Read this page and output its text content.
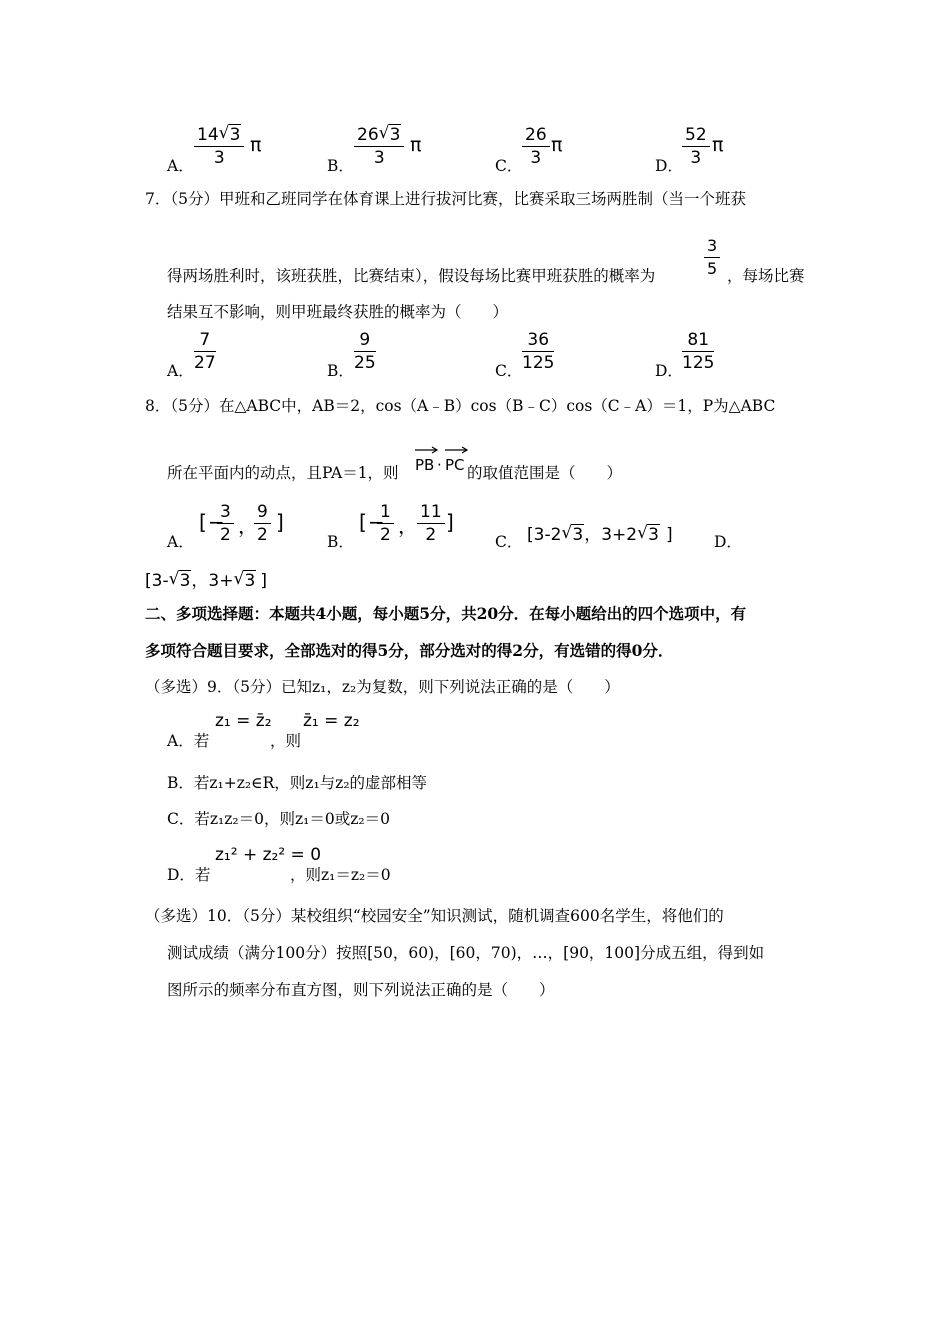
A．
14 √ 3
3
π
B．
26 √ 3
3
π
C．
26
3
π
D．
52
3
π
7．（5分）甲班和乙班同学在体育课上进行拔河比赛，比赛采取三场两胜制（当一个班获
得两场胜利时，该班获胜，比赛结束），假设每场比赛甲班获胜的概率为
3
5 ，每场比赛
结果互不影响，则甲班最终获胜的概率为（　　）
A．
7
27	B．
9
25	C．
36
125	D．
81
125
8．（5分）在△ABC中，AB＝2，cos（A﹣B）cos（B﹣C）cos（C﹣A）＝1，P为△ABC
所在平面内的动点，且PA＝1，则 PB · PC 的取值范围是（　　）
A．
[ −
3
2 ，
9
2
]
B．
[ −
1
2 ，
11
2
]
C． [3-2 √ 3，3+2 √ 3 ]	D．
[3- √ 3，3+ √ 3 ]
二、多项选择题：本题共4小题，每小题5分，共20分．在每小题给出的四个选项中，有
多项符合题目要求，全部选对的得5分，部分选对的得2分，有选错的得0分．
（多选）9．（5分）已知z₁，z₂为复数，则下列说法正确的是（　　）
A．若
z₁ = z̄₂
，则
z̄₁ = z₂
B．若z₁+z₂∈R，则z₁与z₂的虚部相等
C．若z₁z₂＝0，则z₁＝0或z₂＝0
D．若
z₁² + z₂² = 0
，则z₁＝z₂＝0
（多选）10．（5分）某校组织“校园安全”知识测试，随机调查600名学生，将他们的
测试成绩（满分100分）按照[50，60)，[60，70)，…，[90，100]分成五组，得到如
图所示的频率分布直方图，则下列说法正确的是（　　）
